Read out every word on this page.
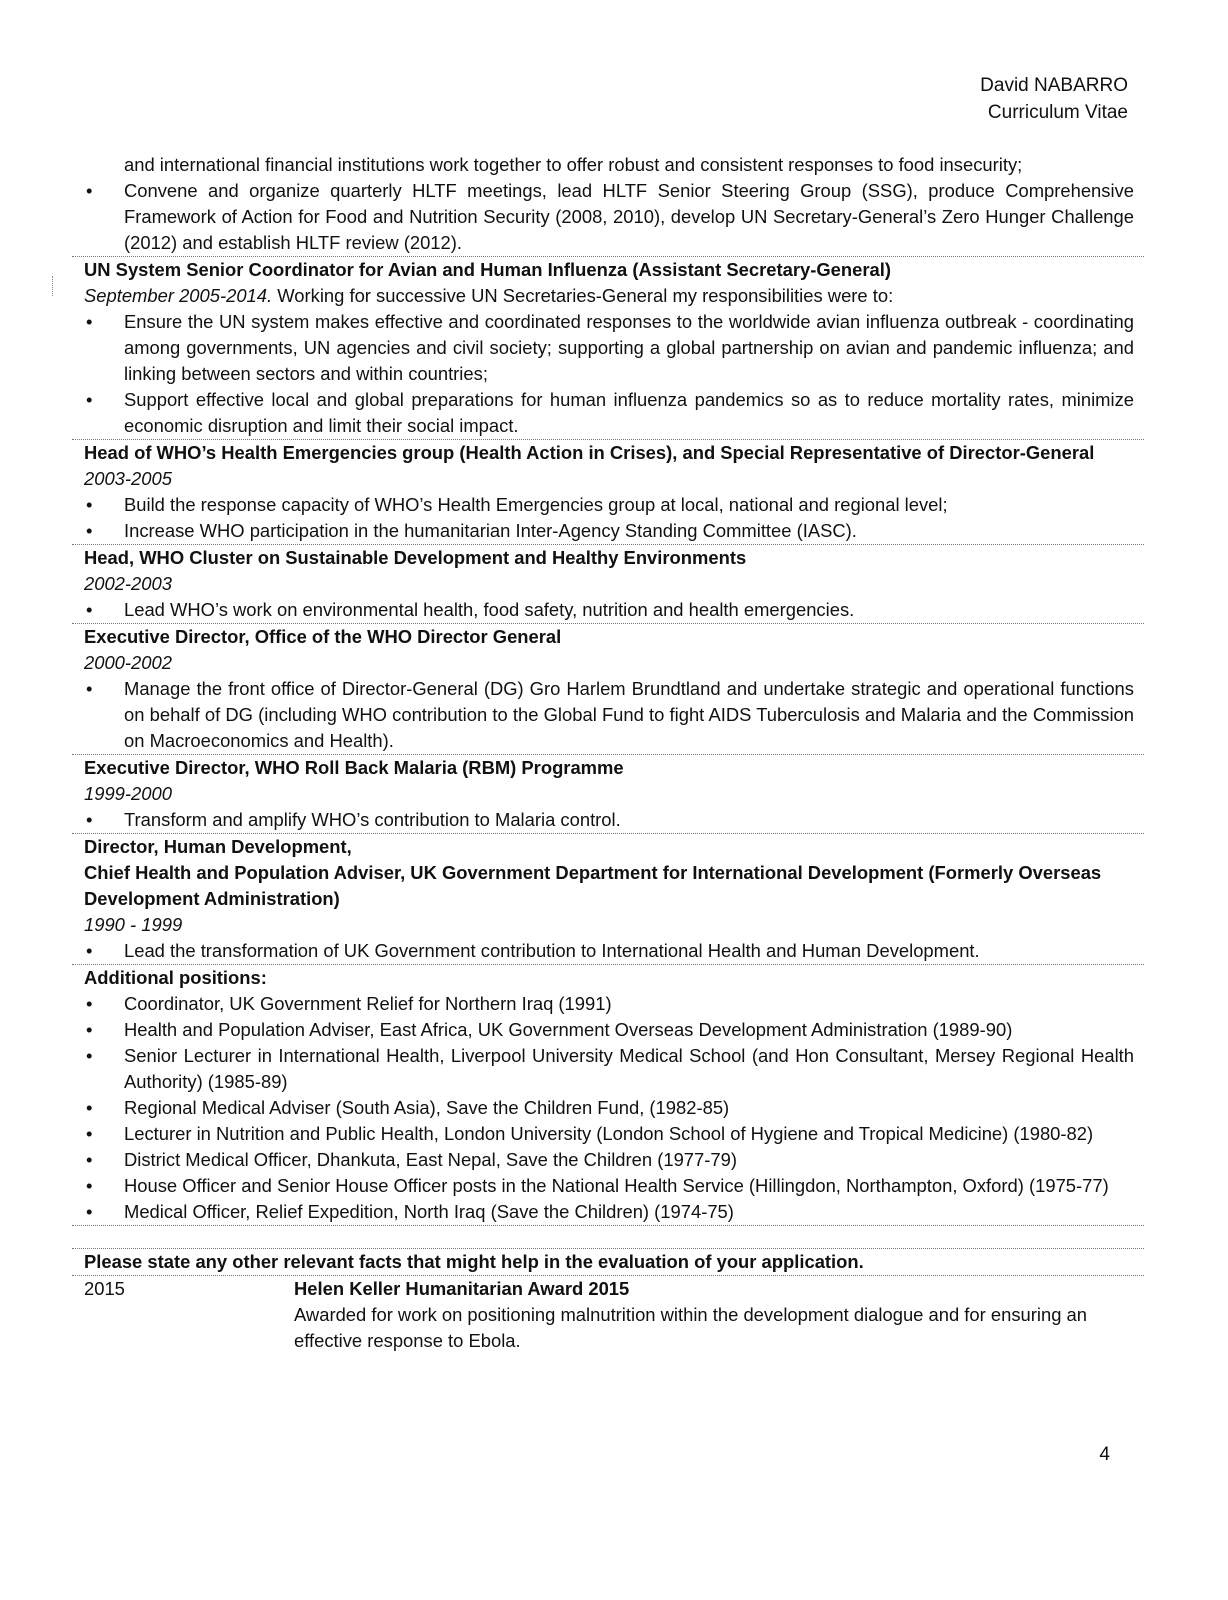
David NABARRO
Curriculum Vitae
and international financial institutions work together to offer robust and consistent responses to food insecurity;
• Convene and organize quarterly HLTF meetings, lead HLTF Senior Steering Group (SSG), produce Comprehensive Framework of Action for Food and Nutrition Security (2008, 2010), develop UN Secretary-General’s Zero Hunger Challenge (2012) and establish HLTF review (2012).
UN System Senior Coordinator for Avian and Human Influenza (Assistant Secretary-General)
September 2005-2014. Working for successive UN Secretaries-General my responsibilities were to:
• Ensure the UN system makes effective and coordinated responses to the worldwide avian influenza outbreak - coordinating among governments, UN agencies and civil society; supporting a global partnership on avian and pandemic influenza; and linking between sectors and within countries;
• Support effective local and global preparations for human influenza pandemics so as to reduce mortality rates, minimize economic disruption and limit their social impact.
Head of WHO’s Health Emergencies group (Health Action in Crises), and Special Representative of Director-General
2003-2005
• Build the response capacity of WHO’s Health Emergencies group at local, national and regional level;
• Increase WHO participation in the humanitarian Inter-Agency Standing Committee (IASC).
Head, WHO Cluster on Sustainable Development and Healthy Environments
2002-2003
• Lead WHO’s work on environmental health, food safety, nutrition and health emergencies.
Executive Director, Office of the WHO Director General
2000-2002
• Manage the front office of Director-General (DG) Gro Harlem Brundtland and undertake strategic and operational functions on behalf of DG (including WHO contribution to the Global Fund to fight AIDS Tuberculosis and Malaria and the Commission on Macroeconomics and Health).
Executive Director, WHO Roll Back Malaria (RBM) Programme
1999-2000
• Transform and amplify WHO’s contribution to Malaria control.
Director, Human Development,
Chief Health and Population Adviser, UK Government Department for International Development (Formerly Overseas Development Administration)
1990 - 1999
• Lead the transformation of UK Government contribution to International Health and Human Development.
Additional positions:
• Coordinator, UK Government Relief for Northern Iraq (1991)
• Health and Population Adviser, East Africa, UK Government Overseas Development Administration (1989-90)
• Senior Lecturer in International Health, Liverpool University Medical School (and Hon Consultant, Mersey Regional Health Authority) (1985-89)
• Regional Medical Adviser (South Asia), Save the Children Fund, (1982-85)
• Lecturer in Nutrition and Public Health, London University (London School of Hygiene and Tropical Medicine) (1980-82)
• District Medical Officer, Dhankuta, East Nepal, Save the Children (1977-79)
• House Officer and Senior House Officer posts in the National Health Service (Hillingdon, Northampton, Oxford) (1975-77)
• Medical Officer, Relief Expedition, North Iraq (Save the Children) (1974-75)
Please state any other relevant facts that might help in the evaluation of your application.
2015	Helen Keller Humanitarian Award 2015
Awarded for work on positioning malnutrition within the development dialogue and for ensuring an effective response to Ebola.
4
